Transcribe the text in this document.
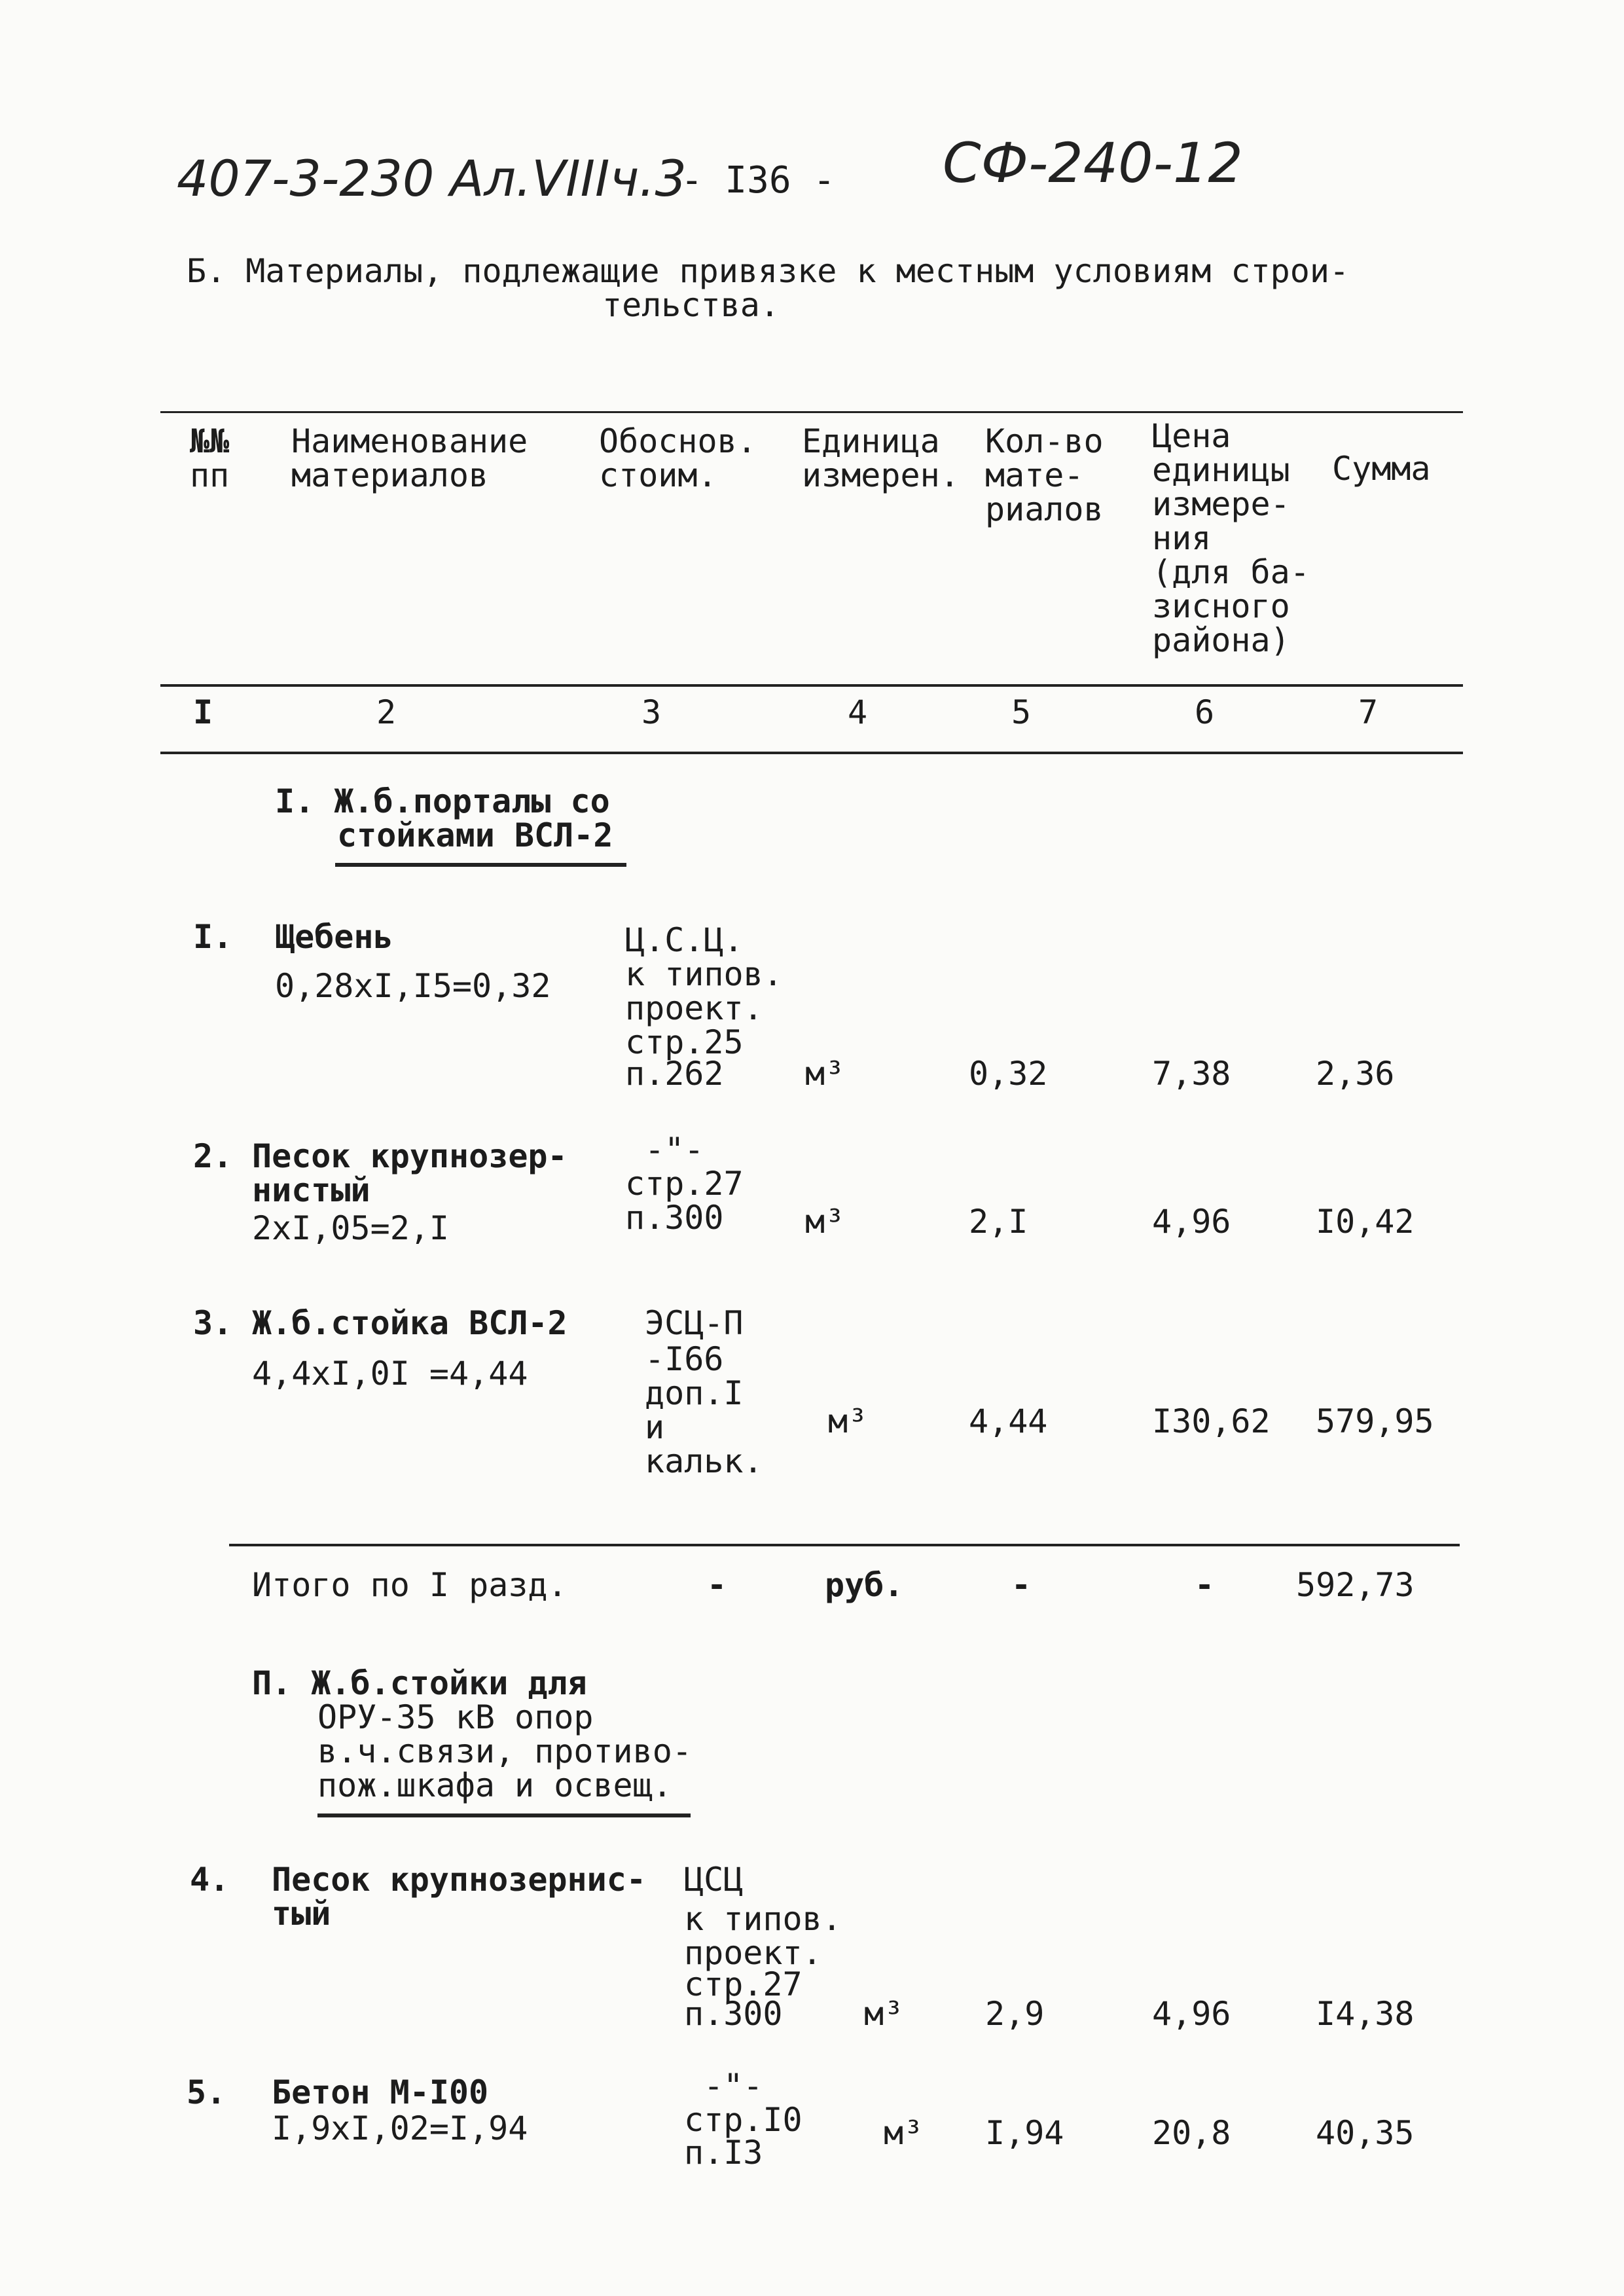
407-3-230 Ал.VIIIч.3
- I36 - СФ-240-12
Б. Материалы, подлежащие привязке к местным условиям строи-
тельства.
№№
пп
Наименование
материалов
Обоснов.
стоим.
Единица
измерен.
Кол-во
мате-
риалов
Цена
единицы
измере-
ния
(для ба-
зисного
района)
Сумма
I	2	3	4	5	6	7
I. Ж.б.порталы со
стойками ВСЛ-2
I. Щебень
0,28хI,I5=0,32
Ц.С.Ц.
к типов.
проект.
стр.25
п.262 м³	0,32	7,38	2,36
2. Песок крупнозер-
нистый
2хI,05=2,I
-"-
стр.27
п.300 м³	2,I	4,96	I0,42
3. Ж.б.стойка ВСЛ-2
4,4хI,0I =4,44
ЭСЦ-П
-I66
доп.I
и
кальк.
м³	4,44	I30,62 579,95
Итого по I разд.	-	руб.	-	- 592,73
П. Ж.б.стойки для
ОРУ-35 кВ опор
в.ч.связи, противо-
пож.шкафа и освещ.
4. Песок крупнозернис-
тый
ЦСЦ
к типов.
проект.
стр.27
п.300 м³ 2,9	4,96	I4,38
5. Бетон М-I00
I,9хI,02=I,94
-"-
стр.I0
п.I3
м³ I,94	20,8	40,35
